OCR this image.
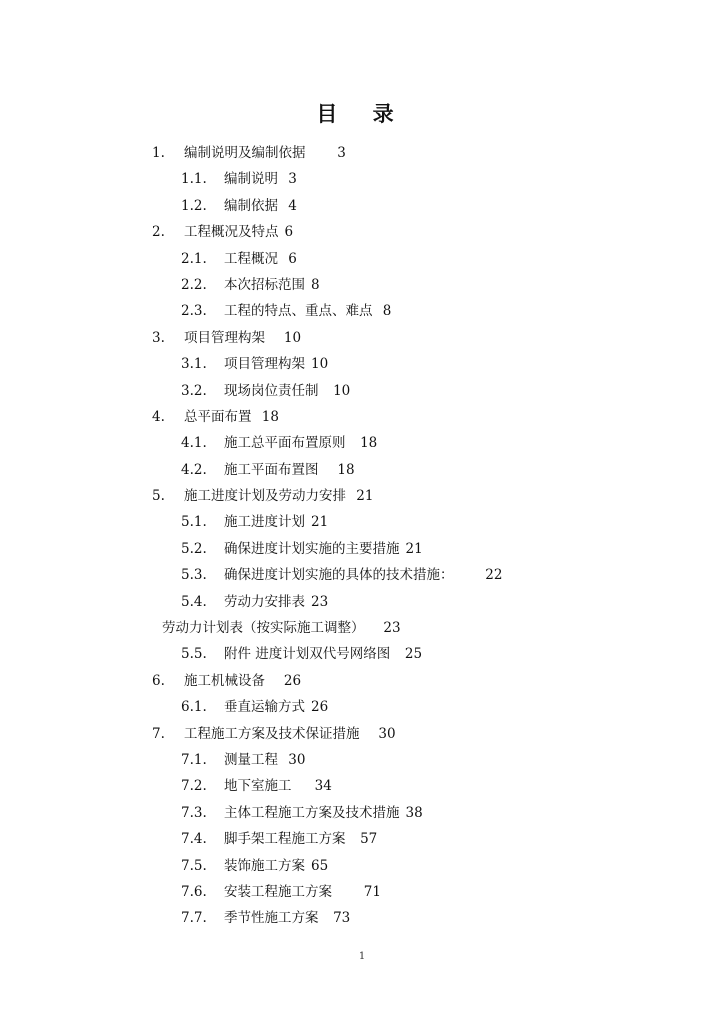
目 录
1. 编制说明及编制依据 3
1.1. 编制说明 3
1.2. 编制依据 4
2. 工程概况及特点 6
2.1. 工程概况 6
2.2. 本次招标范围 8
2.3. 工程的特点、重点、难点 8
3. 项目管理构架 10
3.1. 项目管理构架 10
3.2. 现场岗位责任制 10
4. 总平面布置 18
4.1. 施工总平面布置原则 18
4.2. 施工平面布置图 18
5. 施工进度计划及劳动力安排 21
5.1. 施工进度计划 21
5.2. 确保进度计划实施的主要措施 21
5.3. 确保进度计划实施的具体的技术措施： 22
5.4. 劳动力安排表 23
劳动力计划表（按实际施工调整） 23
5.5. 附件 进度计划双代号网络图 25
6. 施工机械设备 26
6.1. 垂直运输方式 26
7. 工程施工方案及技术保证措施 30
7.1. 测量工程 30
7.2. 地下室施工 34
7.3. 主体工程施工方案及技术措施 38
7.4. 脚手架工程施工方案 57
7.5. 装饰施工方案 65
7.6. 安装工程施工方案 71
7.7. 季节性施工方案 73
1
